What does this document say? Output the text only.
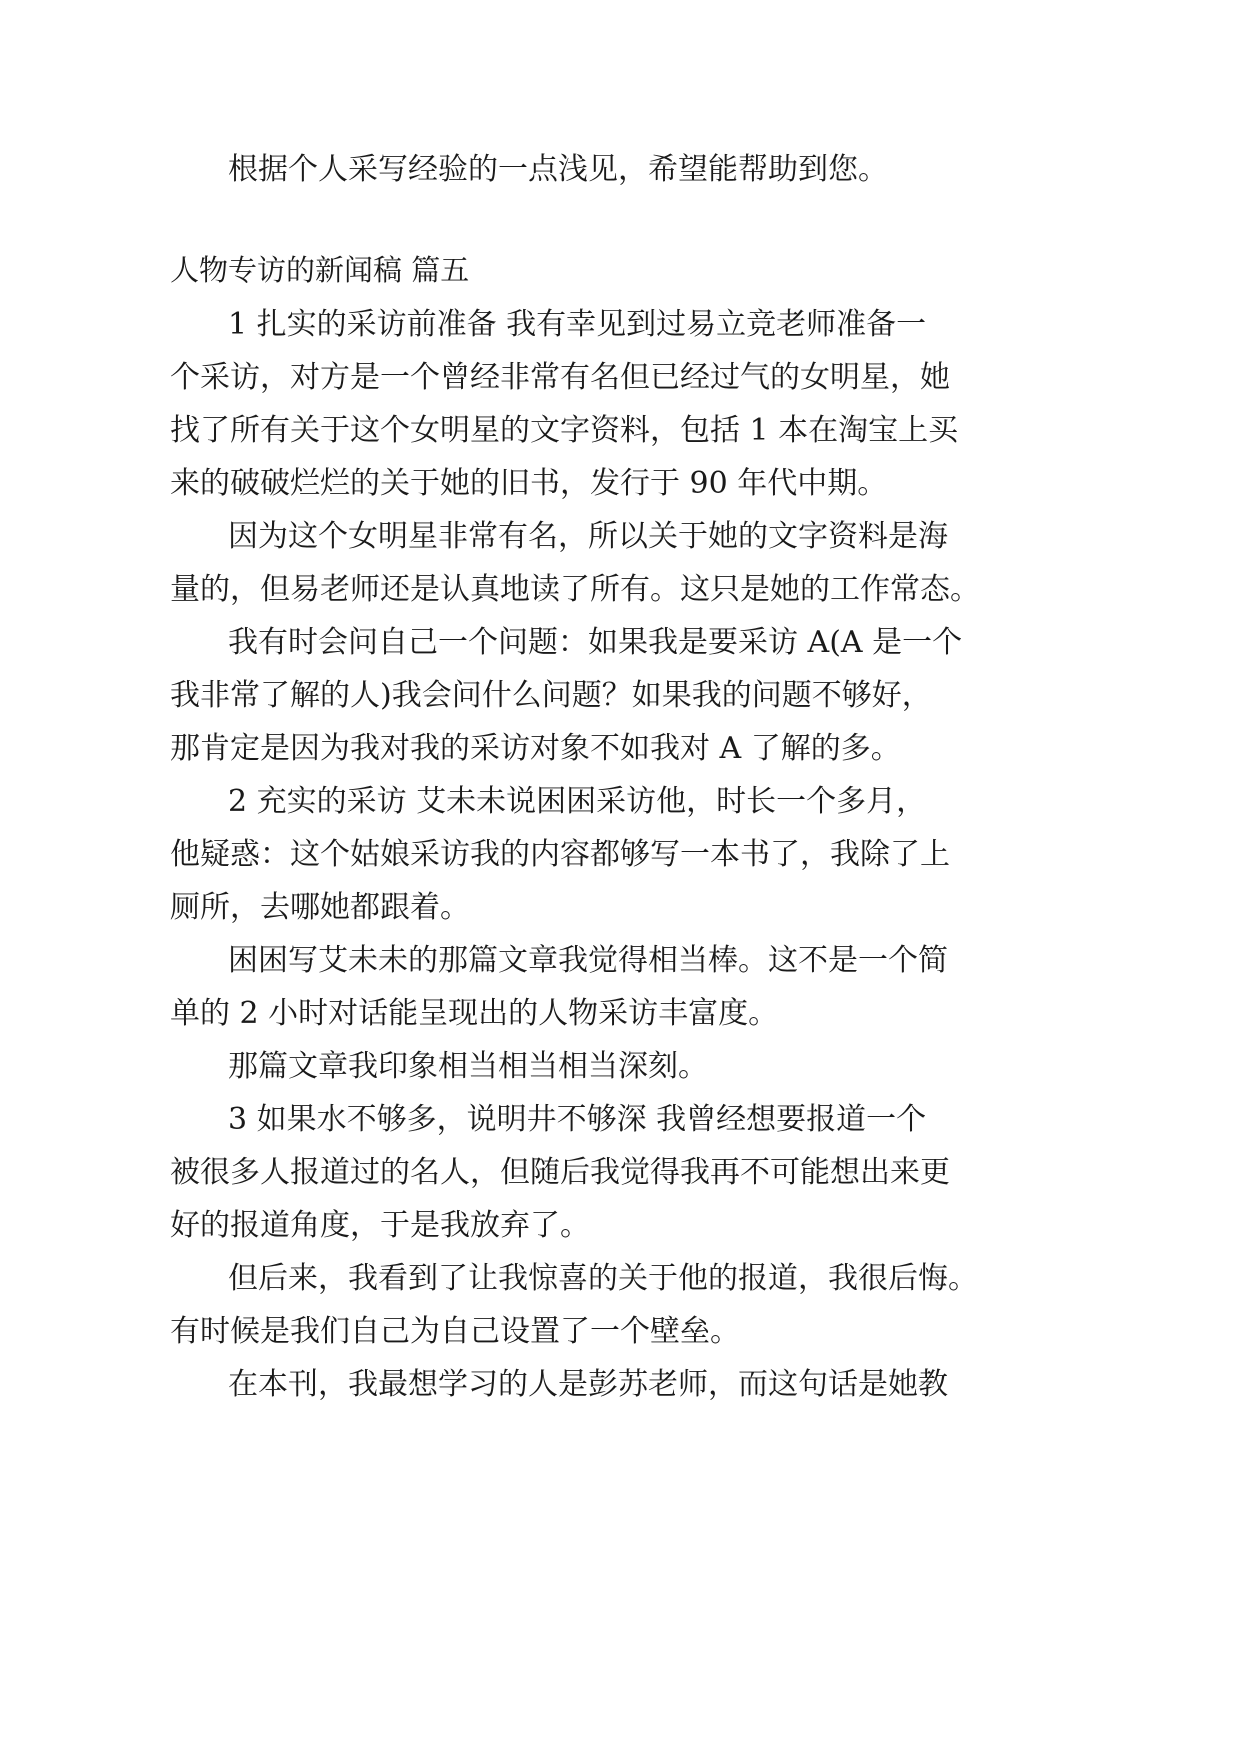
根据个人采写经验的一点浅见，希望能帮助到您。
人物专访的新闻稿 篇五
1 扎实的采访前准备 我有幸见到过易立竞老师准备一
个采访，对方是一个曾经非常有名但已经过气的女明星，她
找了所有关于这个女明星的文字资料，包括 1 本在淘宝上买
来的破破烂烂的关于她的旧书，发行于 90 年代中期。
因为这个女明星非常有名，所以关于她的文字资料是海
量的，但易老师还是认真地读了所有。这只是她的工作常态。
我有时会问自己一个问题：如果我是要采访 A(A 是一个
我非常了解的人)我会问什么问题？如果我的问题不够好，
那肯定是因为我对我的采访对象不如我对 A 了解的多。
2 充实的采访 艾未未说困困采访他，时长一个多月，
他疑惑：这个姑娘采访我的内容都够写一本书了，我除了上
厕所，去哪她都跟着。
困困写艾未未的那篇文章我觉得相当棒。这不是一个简
单的 2 小时对话能呈现出的人物采访丰富度。
那篇文章我印象相当相当相当深刻。
3 如果水不够多，说明井不够深 我曾经想要报道一个
被很多人报道过的名人，但随后我觉得我再不可能想出来更
好的报道角度，于是我放弃了。
但后来，我看到了让我惊喜的关于他的报道，我很后悔。
有时候是我们自己为自己设置了一个壁垒。
在本刊，我最想学习的人是彭苏老师，而这句话是她教
